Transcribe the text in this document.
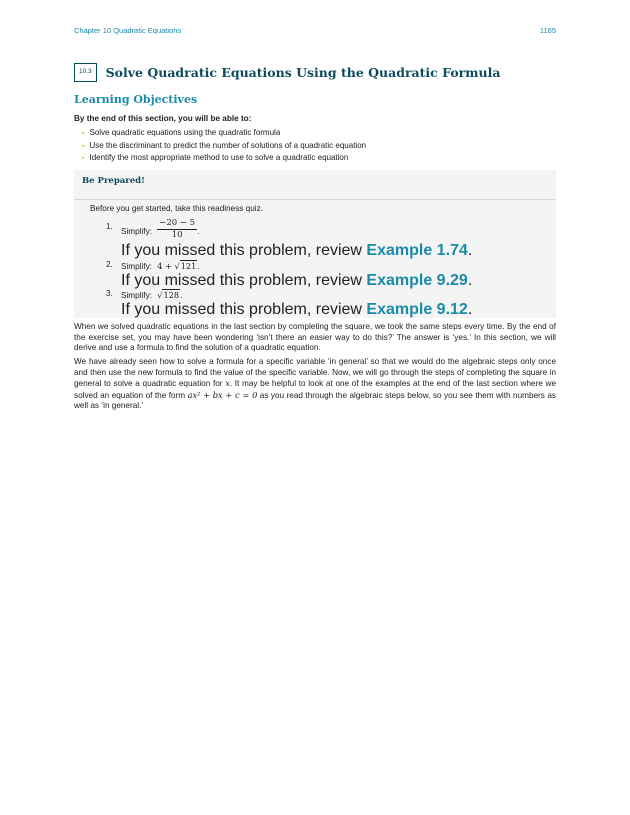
Chapter 10 Quadratic Equations	1165
10.3	Solve Quadratic Equations Using the Quadratic Formula
Learning Objectives
By the end of this section, you will be able to:
▪ Solve quadratic equations using the quadratic formula
▪ Use the discriminant to predict the number of solutions of a quadratic equation
▪ Identify the most appropriate method to use to solve a quadratic equation
Be Prepared!
Before you get started, take this readiness quiz.
1.
Simplify: $\frac{-20 - 5}{10}$ .
If you missed this problem, review Example 1.74.
2. Simplify: 4 + √121.
If you missed this problem, review Example 9.29.
3. Simplify: √128.
If you missed this problem, review Example 9.12.
When we solved quadratic equations in the last section by completing the square, we took the same steps every time. By the end of the exercise set, you may have been wondering ‘isn’t there an easier way to do this?’ The answer is ‘yes.’ In this section, we will derive and use a formula to find the solution of a quadratic equation.
We have already seen how to solve a formula for a specific variable ‘in general’ so that we would do the algebraic steps only once and then use the new formula to find the value of the specific variable. Now, we will go through the steps of completing the square in general to solve a quadratic equation for x. It may be helpful to look at one of the examples at the end of the last section where we solved an equation of the form ax² + bx + c = 0 as you read through the algebraic steps below, so you see them with numbers as well as ‘in general.’
